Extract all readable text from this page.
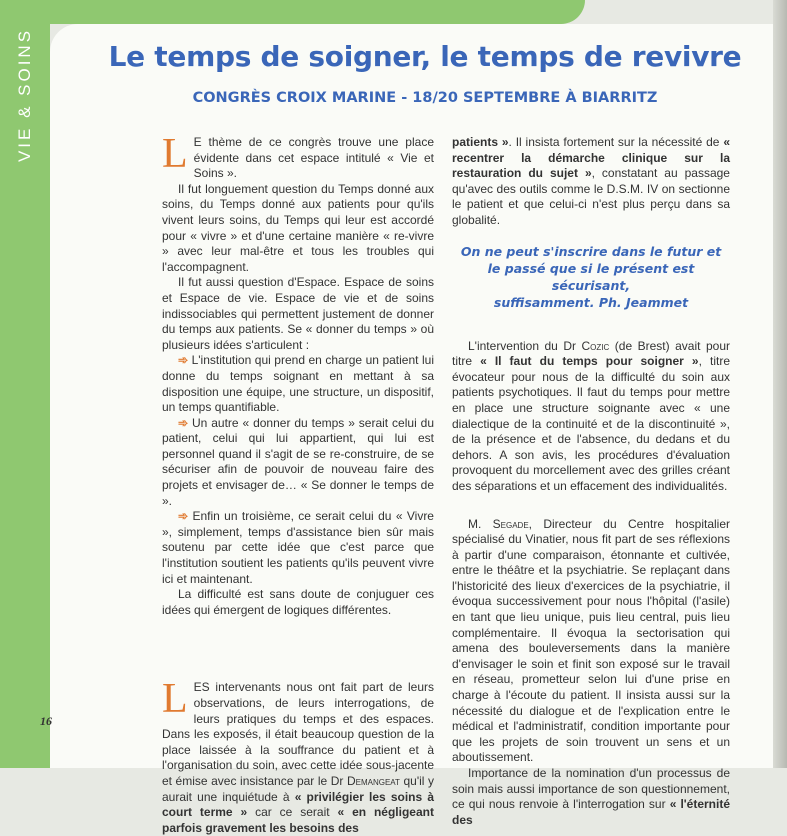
VIE & SOINS
16
Le temps de soigner, le temps de revivre
CONGRÈS CROIX MARINE - 18/20 SEPTEMBRE À BIARRITZ

L E thème de ce congrès trouve une place évidente dans cet espace intitulé « Vie et Soins ».

Il fut longuement question du Temps donné aux soins, du Temps donné aux patients pour qu'ils vivent leurs soins, du Temps qui leur est accordé pour « vivre » et d'une certaine manière « re-vivre » avec leur mal-être et tous les troubles qui l'accompagnent.

Il fut aussi question d'Espace. Espace de soins et Espace de vie. Espace de vie et de soins indissociables qui permettent justement de donner du temps aux patients. Se « donner du temps » où plusieurs idées s'articulent :

➾ L'institution qui prend en charge un patient lui donne du temps soignant en mettant à sa disposition une équipe, une structure, un dispositif, un temps quantifiable.

➾ Un autre « donner du temps » serait celui du patient, celui qui lui appartient, qui lui est personnel quand il s'agit de se re-construire, de se sécuriser afin de pouvoir de nouveau faire des projets et envisager de… « Se donner le temps de ».

➾ Enfin un troisième, ce serait celui du « Vivre », simplement, temps d'assistance bien sûr mais soutenu par cette idée que c'est parce que l'institution soutient les patients qu'ils peuvent vivre ici et maintenant.

La difficulté est sans doute de conjuguer ces idées qui émergent de logiques différentes.

LES intervenants nous ont fait part de leurs observations, de leurs interrogations, de leurs pratiques du temps et des espaces. Dans les exposés, il était beaucoup question de la place laissée à la souffrance du patient et à l'organisation du soin, avec cette idée sous-jacente et émise avec insistance par le Dr Demangeat qu'il y aurait une inquiétude à « privilégier les soins à court terme » car ce serait « en négligeant parfois gravement les besoins des

patients ». Il insista fortement sur la nécessité de « recentrer la démarche clinique sur la restauration du sujet », constatant au passage qu'avec des outils comme le D.S.M. IV on sectionne le patient et que celui-ci n'est plus perçu dans sa globalité.

On ne peut s'inscrire dans le futur et
le passé que si le présent est sécurisant,
suffisamment. Ph. Jeammet

L'intervention du Dr Cozic (de Brest) avait pour titre « Il faut du temps pour soigner », titre évocateur pour nous de la difficulté du soin aux patients psychotiques. Il faut du temps pour mettre en place une structure soignante avec « une dialectique de la continuité et de la discontinuité », de la présence et de l'absence, du dedans et du dehors. A son avis, les procédures d'évaluation provoquent du morcellement avec des grilles créant des séparations et un effacement des individualités.

M. Segade, Directeur du Centre hospitalier spécialisé du Vinatier, nous fit part de ses réflexions à partir d'une comparaison, étonnante et cultivée, entre le théâtre et la psychiatrie. Se replaçant dans l'historicité des lieux d'exercices de la psychiatrie, il évoqua successivement pour nous l'hôpital (l'asile) en tant que lieu unique, puis lieu central, puis lieu complémentaire. Il évoqua la sectorisation qui amena des bouleversements dans la manière d'envisager le soin et finit son exposé sur le travail en réseau, prometteur selon lui d'une prise en charge à l'écoute du patient. Il insista aussi sur la nécessité du dialogue et de l'explication entre le médical et l'administratif, condition importante pour que les projets de soin trouvent un sens et un aboutissement.

Importance de la nomination d'un processus de soin mais aussi importance de son questionnement, ce qui nous renvoie à l'interrogation sur « l'éternité des
